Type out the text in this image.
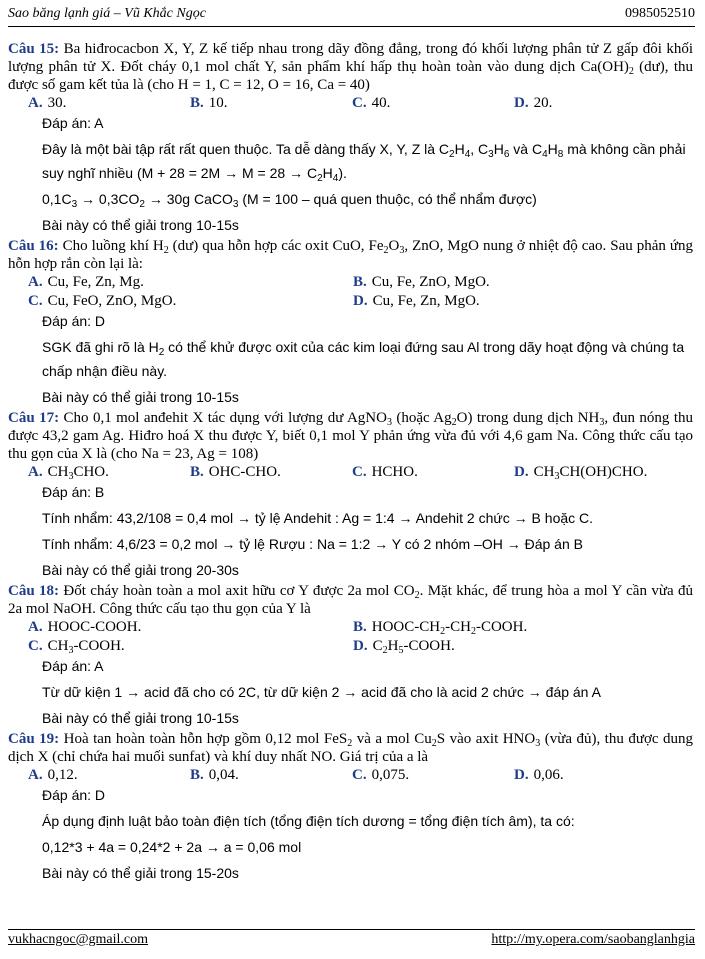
Sao băng lạnh giá – Vũ Khắc Ngọc	0985052510
Câu 15: Ba hiđrocacbon X, Y, Z kế tiếp nhau trong dãy đồng đẳng, trong đó khối lượng phân tử Z gấp đôi khối lượng phân tử X. Đốt cháy 0,1 mol chất Y, sản phẩm khí hấp thụ hoàn toàn vào dung dịch $Ca(OH)_2$ (dư), thu được số gam kết tủa là (cho H = 1, C = 12, O = 16, Ca = 40)
A. 30.	B. 10.	C. 40.	D. 20.

Đáp án: A

Đây là một bài tập rất rất quen thuộc. Ta dễ dàng thấy X, Y, Z là $C_2H_4$, $C_3H_6$ và $C_4H_8$ mà không cần phải suy nghĩ nhiều $(M + 28 = 2M \to M = 28 \to C_2H_4)$.

$0,1C_3 \to 0,3CO_2 \to 30g$ CaCO$_3$ (M = 100 – quá quen thuộc, có thể nhẩm được)

Bài này có thể giải trong 10-15s

Câu 16: Cho luồng khí $H_2$ (dư) qua hỗn hợp các oxit CuO, $Fe_2O_3$, ZnO, MgO nung ở nhiệt độ cao. Sau phản ứng hỗn hợp rắn còn lại là:
A. Cu, Fe, Zn, Mg.	B. Cu, Fe, ZnO, MgO.
C. Cu, FeO, ZnO, MgO.	D. Cu, Fe, Zn, MgO.

Đáp án: D

SGK đã ghi rõ là $H_2$ có thể khử được oxit của các kim loại đứng sau Al trong dãy hoạt động và chúng ta chấp nhận điều này.

Bài này có thể giải trong 10-15s

Câu 17: Cho 0,1 mol anđehit X tác dụng với lượng dư AgNO$_3$ (hoặc $Ag_2O$) trong dung dịch $NH_3$, đun nóng thu được 43,2 gam Ag. Hiđro hoá X thu được Y, biết 0,1 mol Y phản ứng vừa đủ với 4,6 gam Na. Công thức cấu tạo thu gọn của X là (cho Na = 23, Ag = 108)
A. $CH_3CHO$.	B. OHC-CHO.	C. HCHO.	D. $CH_3CH(OH)CHO$.

Đáp án: B

Tính nhẩm: 43,2/108 = 0,4 mol → tỷ lệ Andehit : Ag = 1:4 → Andehit 2 chức → B hoặc C.

Tính nhẩm: 4,6/23 = 0,2 mol → tỷ lệ Rượu : Na = 1:2 → Y có 2 nhóm –OH → Đáp án B

Bài này có thể giải trong 20-30s

Câu 18: Đốt cháy hoàn toàn a mol axit hữu cơ Y được 2a mol $CO_2$. Mặt khác, để trung hòa a mol Y cần vừa đủ 2a mol NaOH. Công thức cấu tạo thu gọn của Y là
A. HOOC-COOH.	B. HOOC-$CH_2-CH_2$-COOH.
C. $CH_3$-COOH.	D. $C_2H_5$-COOH.

Đáp án: A

Từ dữ kiện 1 → acid đã cho có 2C, từ dữ kiện 2 → acid đã cho là acid 2 chức → đáp án A

Bài này có thể giải trong 10-15s

Câu 19: Hoà tan hoàn toàn hỗn hợp gồm 0,12 mol FeS$_2$ và a mol $Cu_2S$ vào axit $HNO_3$ (vừa đủ), thu được dung dịch X (chỉ chứa hai muối sunfat) và khí duy nhất NO. Giá trị của a là
A. 0,12.	B. 0,04.	C. 0,075.	D. 0,06.

Đáp án: D

Áp dụng định luật bảo toàn điện tích (tổng điện tích dương = tổng điện tích âm), ta có:

0,12*3 + 4a = 0,24*2 + 2a → a = 0,06 mol

Bài này có thể giải trong 15-20s

vukhacngoc@gmail.com	http://my.opera.com/saobanglanhgia
